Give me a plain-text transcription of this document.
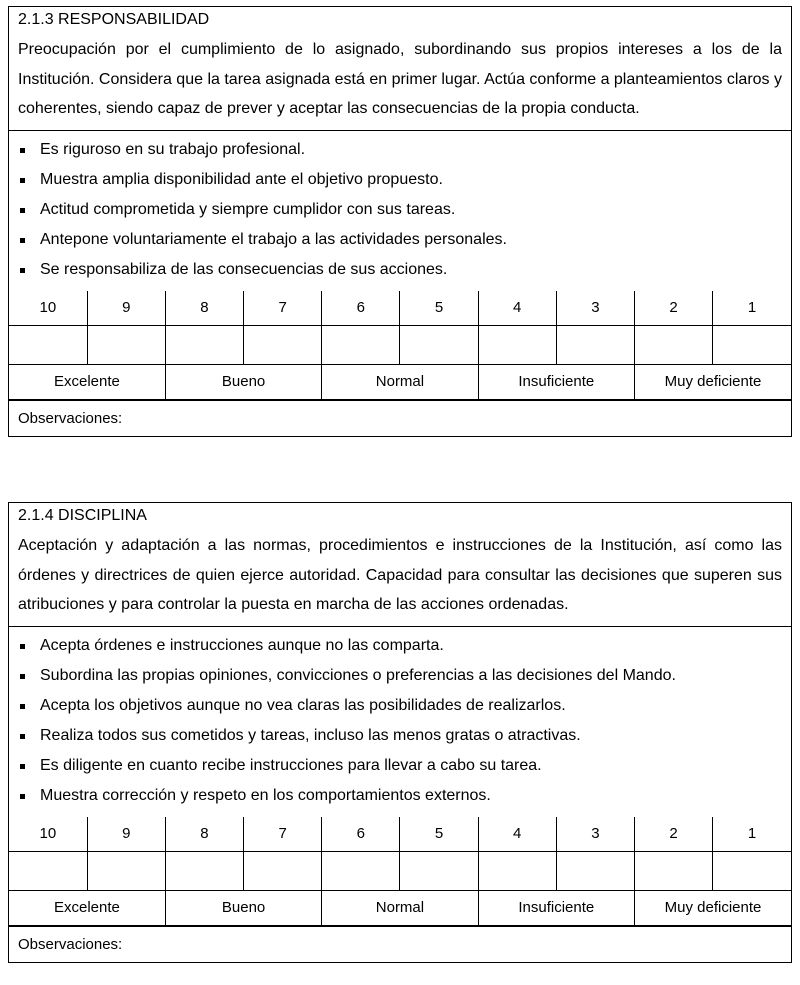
2.1.3 RESPONSABILIDAD
Preocupación por el cumplimiento de lo asignado, subordinando sus propios intereses a los de la Institución. Considera que la tarea asignada está en primer lugar. Actúa conforme a planteamientos claros y coherentes, siendo capaz de prever y aceptar las consecuencias de la propia conducta.
Es riguroso en su trabajo profesional.
Muestra amplia disponibilidad ante el objetivo propuesto.
Actitud comprometida y siempre cumplidor con sus tareas.
Antepone voluntariamente el trabajo a las actividades personales.
Se responsabiliza de las consecuencias de sus acciones.
10	9	8	7	6	5	4	3	2	1

Excelente		Bueno		Normal		Insuficiente		Muy deficiente	
Observaciones:
2.1.4 DISCIPLINA
Aceptación y adaptación a las normas, procedimientos e instrucciones de la Institución, así como las órdenes y directrices de quien ejerce autoridad. Capacidad para consultar las decisiones que superen sus atribuciones y para controlar la puesta en marcha de las acciones ordenadas.
Acepta órdenes e instrucciones aunque no las comparta.
Subordina las propias opiniones, convicciones o preferencias a las decisiones del Mando.
Acepta los objetivos aunque no vea claras las posibilidades de realizarlos.
Realiza todos sus cometidos y tareas, incluso las menos gratas o atractivas.
Es diligente en cuanto recibe instrucciones para llevar a cabo su tarea.
Muestra corrección y respeto en los comportamientos externos.
10	9	8	7	6	5	4	3	2	1

Excelente		Bueno		Normal		Insuficiente		Muy deficiente	
Observaciones:
